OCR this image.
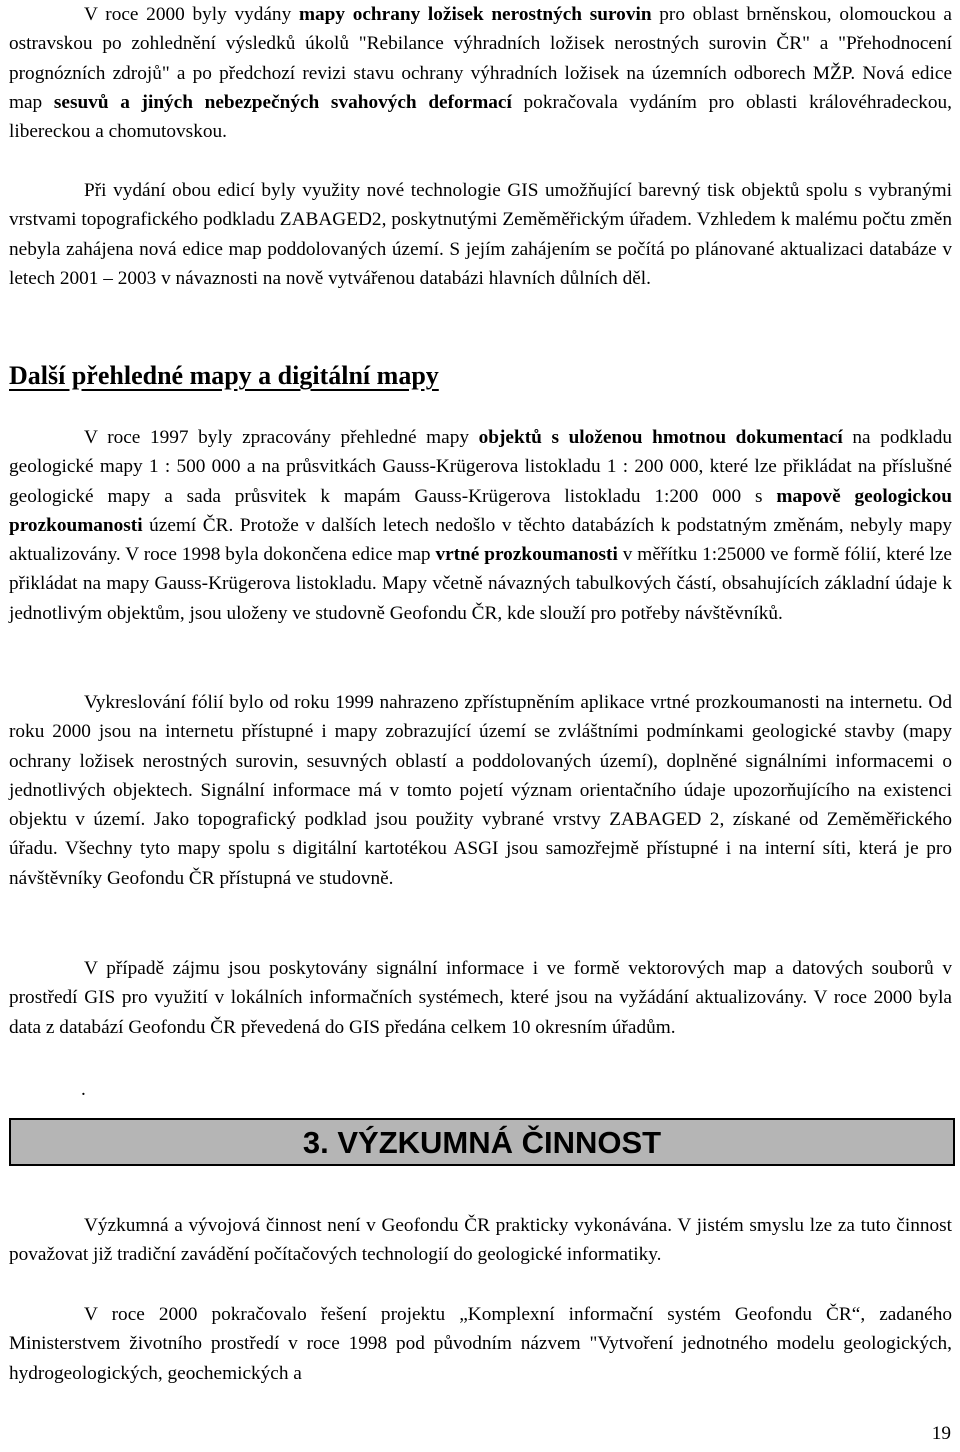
V roce 2000 byly vydány mapy ochrany ložisek nerostných surovin pro oblast brněnskou, olomouckou a ostravskou po zohlednění výsledků úkolů "Rebilance výhradních ložisek nerostných surovin ČR" a "Přehodnocení prognózních zdrojů" a po předchozí revizi stavu ochrany výhradních ložisek na územních odborech MŽP. Nová edice map sesuvů a jiných nebezpečných svahových deformací pokračovala vydáním pro oblasti královéhradeckou, libereckou a chomutovskou.

Při vydání obou edicí byly využity nové technologie GIS umožňující barevný tisk objektů spolu s vybranými vrstvami topografického podkladu ZABAGED2, poskytnutými Zeměměřickým úřadem. Vzhledem k malému počtu změn nebyla zahájena nová edice map poddolovaných území. S jejím zahájením se počítá po plánované aktualizaci databáze v letech 2001 – 2003 v návaznosti na nově vytvářenou databázi hlavních důlních děl.

Další přehledné mapy a digitální mapy

V roce 1997 byly zpracovány přehledné mapy objektů s uloženou hmotnou dokumentací na podkladu geologické mapy 1 : 500 000 a na průsvitkách Gauss-Krügerova listokladu 1 : 200 000, které lze přikládat na příslušné geologické mapy a sada průsvitek k mapám Gauss-Krügerova listokladu 1:200 000 s mapově geologickou prozkoumanosti území ČR. Protože v dalších letech nedošlo v těchto databázích k podstatným změnám, nebyly mapy aktualizovány. V roce 1998 byla dokončena edice map vrtné prozkoumanosti v měřítku 1:25000 ve formě fólií, které lze přikládat na mapy Gauss-Krügerova listokladu. Mapy včetně návazných tabulkových částí, obsahujících základní údaje k jednotlivým objektům, jsou uloženy ve studovně Geofondu ČR, kde slouží pro potřeby návštěvníků.

Vykreslování fólií bylo od roku 1999 nahrazeno zpřístupněním aplikace vrtné prozkoumanosti na internetu. Od roku 2000 jsou na internetu přístupné i mapy zobrazující území se zvláštními podmínkami geologické stavby (mapy ochrany ložisek nerostných surovin, sesuvných oblastí a poddolovaných území), doplněné signálními informacemi o jednotlivých objektech. Signální informace má v tomto pojetí význam orientačního údaje upozorňujícího na existenci objektu v území. Jako topografický podklad jsou použity vybrané vrstvy ZABAGED 2, získané od Zeměměřického úřadu. Všechny tyto mapy spolu s digitální kartotékou ASGI jsou samozřejmě přístupné i na interní síti, která je pro návštěvníky Geofondu ČR přístupná ve studovně.

V případě zájmu jsou poskytovány signální informace i ve formě vektorových map a datových souborů v prostředí GIS pro využití v lokálních informačních systémech, které jsou na vyžádání aktualizovány. V roce 2000 byla data z databází Geofondu ČR převedená do GIS předána celkem 10 okresním úřadům.

Výzkumná a vývojová činnost není v Geofondu ČR prakticky vykonávána. V jistém smyslu lze za tuto činnost považovat již tradiční zavádění počítačových technologií do geologické informatiky.

V roce 2000 pokračovalo řešení projektu „Komplexní informační systém Geofondu ČR“, zadaného Ministerstvem životního prostředí v roce 1998 pod původním názvem "Vytvoření jednotného modelu geologických, hydrogeologických, geochemických a

.
3. VÝZKUMNÁ ČINNOST
19
